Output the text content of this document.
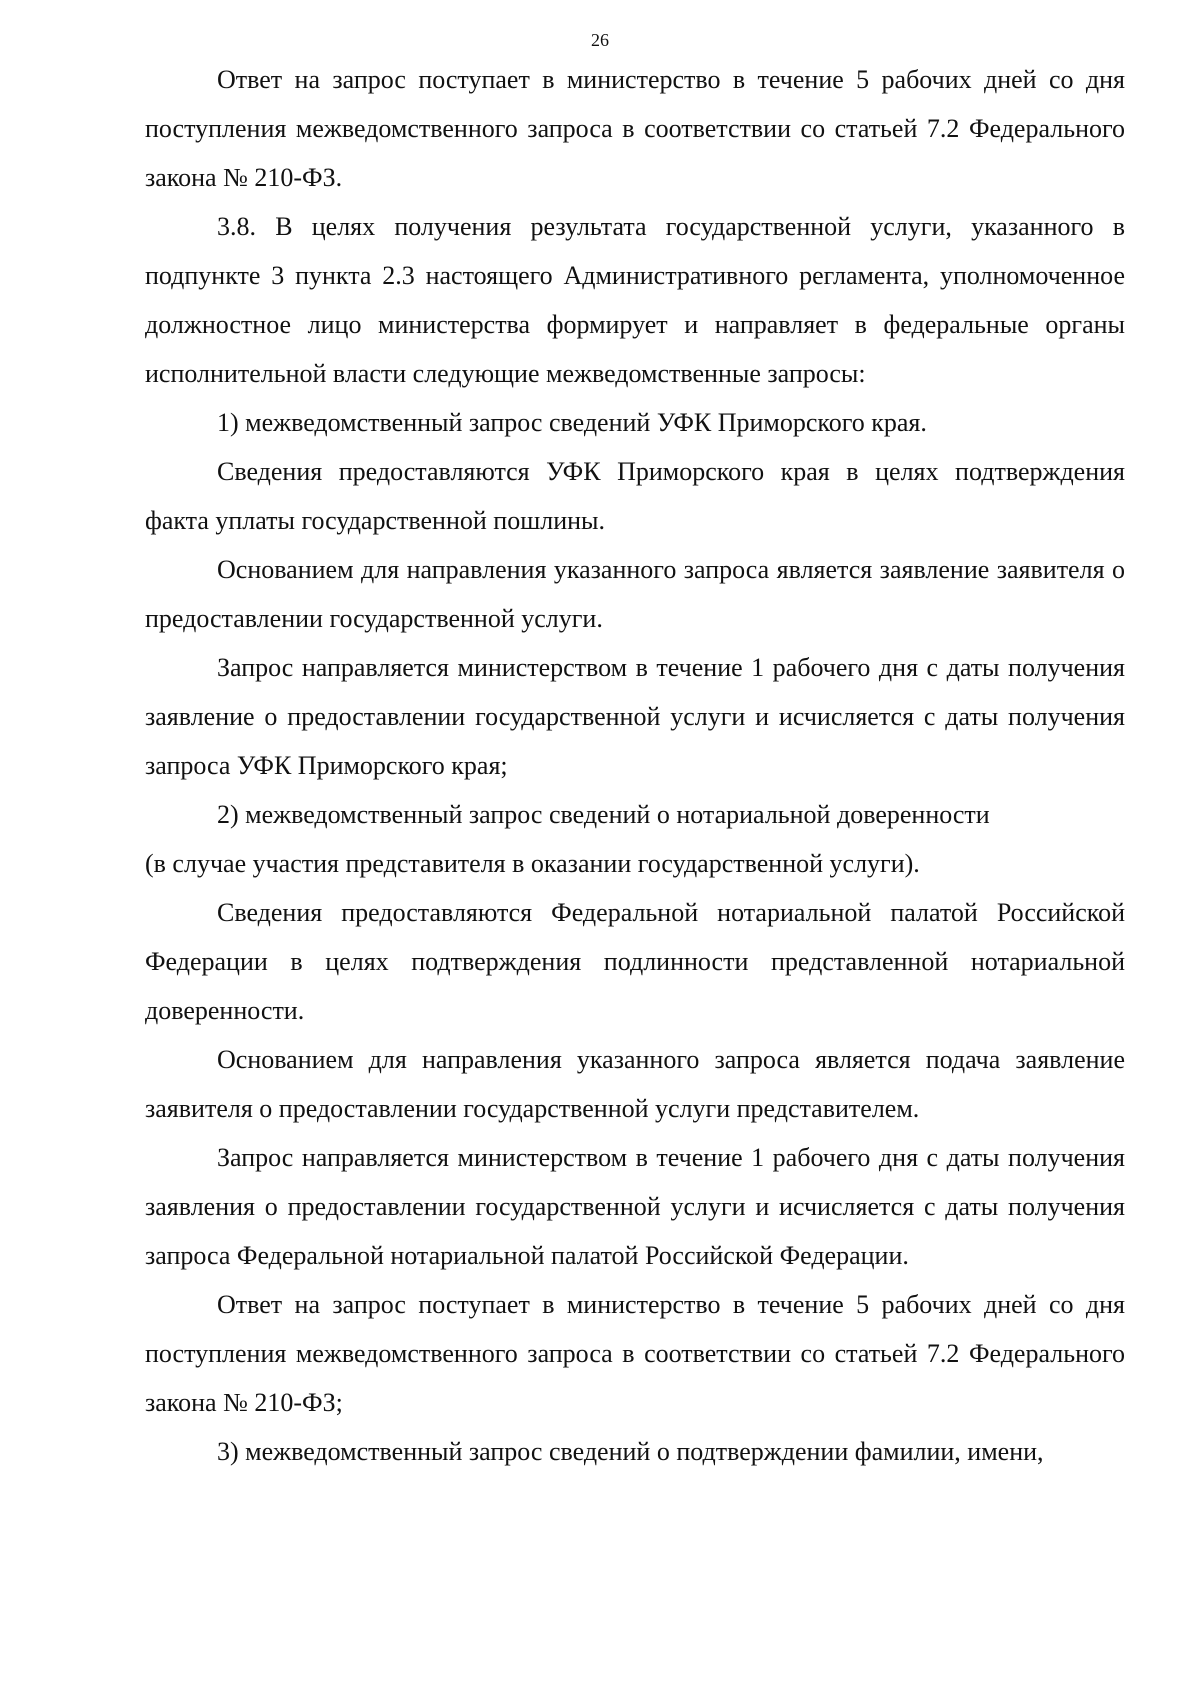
26

Ответ на запрос поступает в министерство в течение 5 рабочих дней со дня поступления межведомственного запроса в соответствии со статьей 7.2 Федерального закона № 210-ФЗ.

3.8. В целях получения результата государственной услуги, указанного в подпункте 3 пункта 2.3 настоящего Административного регламента, уполномоченное должностное лицо министерства формирует и направляет в федеральные органы исполнительной власти следующие межведомственные запросы:

1) межведомственный запрос сведений УФК Приморского края.

Сведения предоставляются УФК Приморского края в целях подтверждения факта уплаты государственной пошлины.

Основанием для направления указанного запроса является заявление заявителя о предоставлении государственной услуги.

Запрос направляется министерством в течение 1 рабочего дня с даты получения заявление о предоставлении государственной услуги и исчисляется с даты получения запроса УФК Приморского края;

2) межведомственный запрос сведений о нотариальной доверенности

(в случае участия представителя в оказании государственной услуги).

Сведения предоставляются Федеральной нотариальной палатой Российской Федерации в целях подтверждения подлинности представленной нотариальной доверенности.

Основанием для направления указанного запроса является подача заявление заявителя о предоставлении государственной услуги представителем.

Запрос направляется министерством в течение 1 рабочего дня с даты получения заявления о предоставлении государственной услуги и исчисляется с даты получения запроса Федеральной нотариальной палатой Российской Федерации.

Ответ на запрос поступает в министерство в течение 5 рабочих дней со дня поступления межведомственного запроса в соответствии со статьей 7.2 Федерального закона № 210-ФЗ;

3) межведомственный запрос сведений о подтверждении фамилии, имени,
